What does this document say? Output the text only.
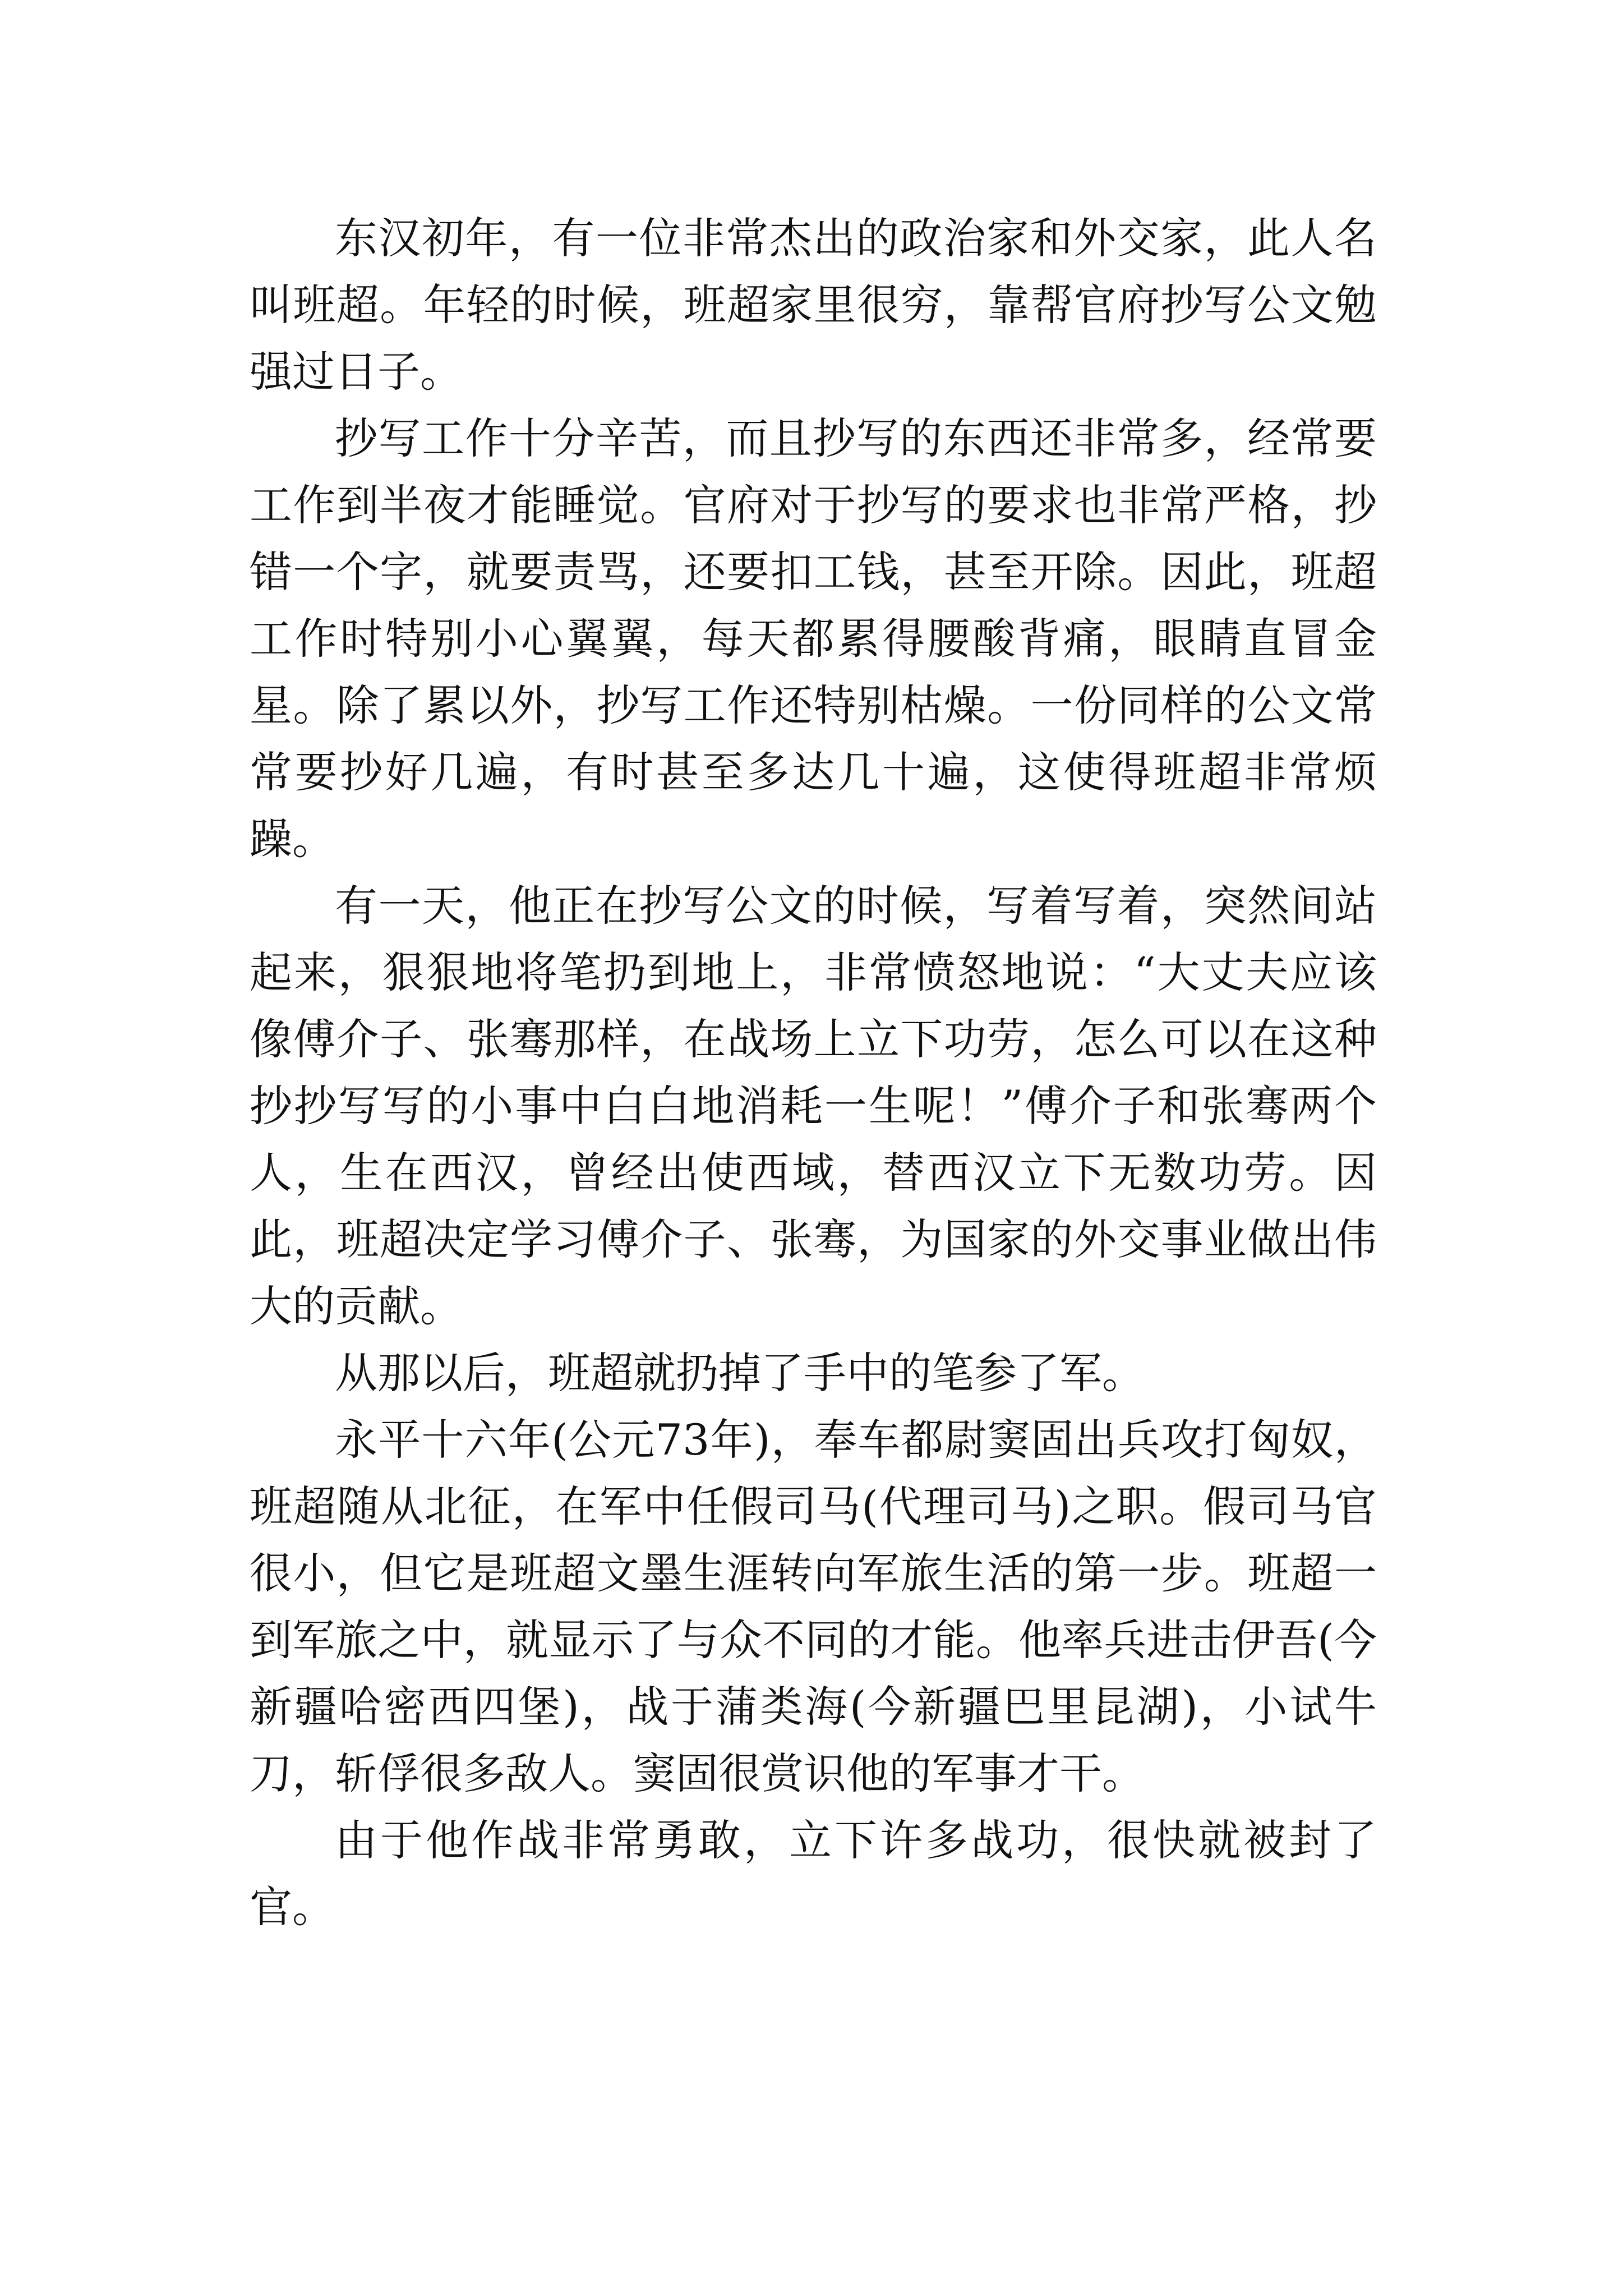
东汉初年，有一位非常杰出的政治家和外交家，此人名叫班超。年轻的时候，班超家里很穷，靠帮官府抄写公文勉强过日子。

抄写工作十分辛苦，而且抄写的东西还非常多，经常要工作到半夜才能睡觉。官府对于抄写的要求也非常严格，抄错一个字，就要责骂，还要扣工钱，甚至开除。因此，班超工作时特别小心翼翼，每天都累得腰酸背痛，眼睛直冒金星。除了累以外，抄写工作还特别枯燥。一份同样的公文常常要抄好几遍，有时甚至多达几十遍，这使得班超非常烦躁。

有一天，他正在抄写公文的时候，写着写着，突然间站起来，狠狠地将笔扔到地上，非常愤怒地说：“大丈夫应该像傅介子、张骞那样，在战场上立下功劳，怎么可以在这种抄抄写写的小事中白白地消耗一生呢！”傅介子和张骞两个人，生在西汉，曾经出使西域，替西汉立下无数功劳。因此，班超决定学习傅介子、张骞，为国家的外交事业做出伟大的贡献。

从那以后，班超就扔掉了手中的笔参了军。

永平十六年(公元73年)，奉车都尉窦固出兵攻打匈奴，班超随从北征，在军中任假司马(代理司马)之职。假司马官很小，但它是班超文墨生涯转向军旅生活的第一步。班超一到军旅之中，就显示了与众不同的才能。他率兵进击伊吾(今新疆哈密西四堡)，战于蒲类海(今新疆巴里昆湖)，小试牛刀，斩俘很多敌人。窦固很赏识他的军事才干。

由于他作战非常勇敢，立下许多战功，很快就被封了官。
